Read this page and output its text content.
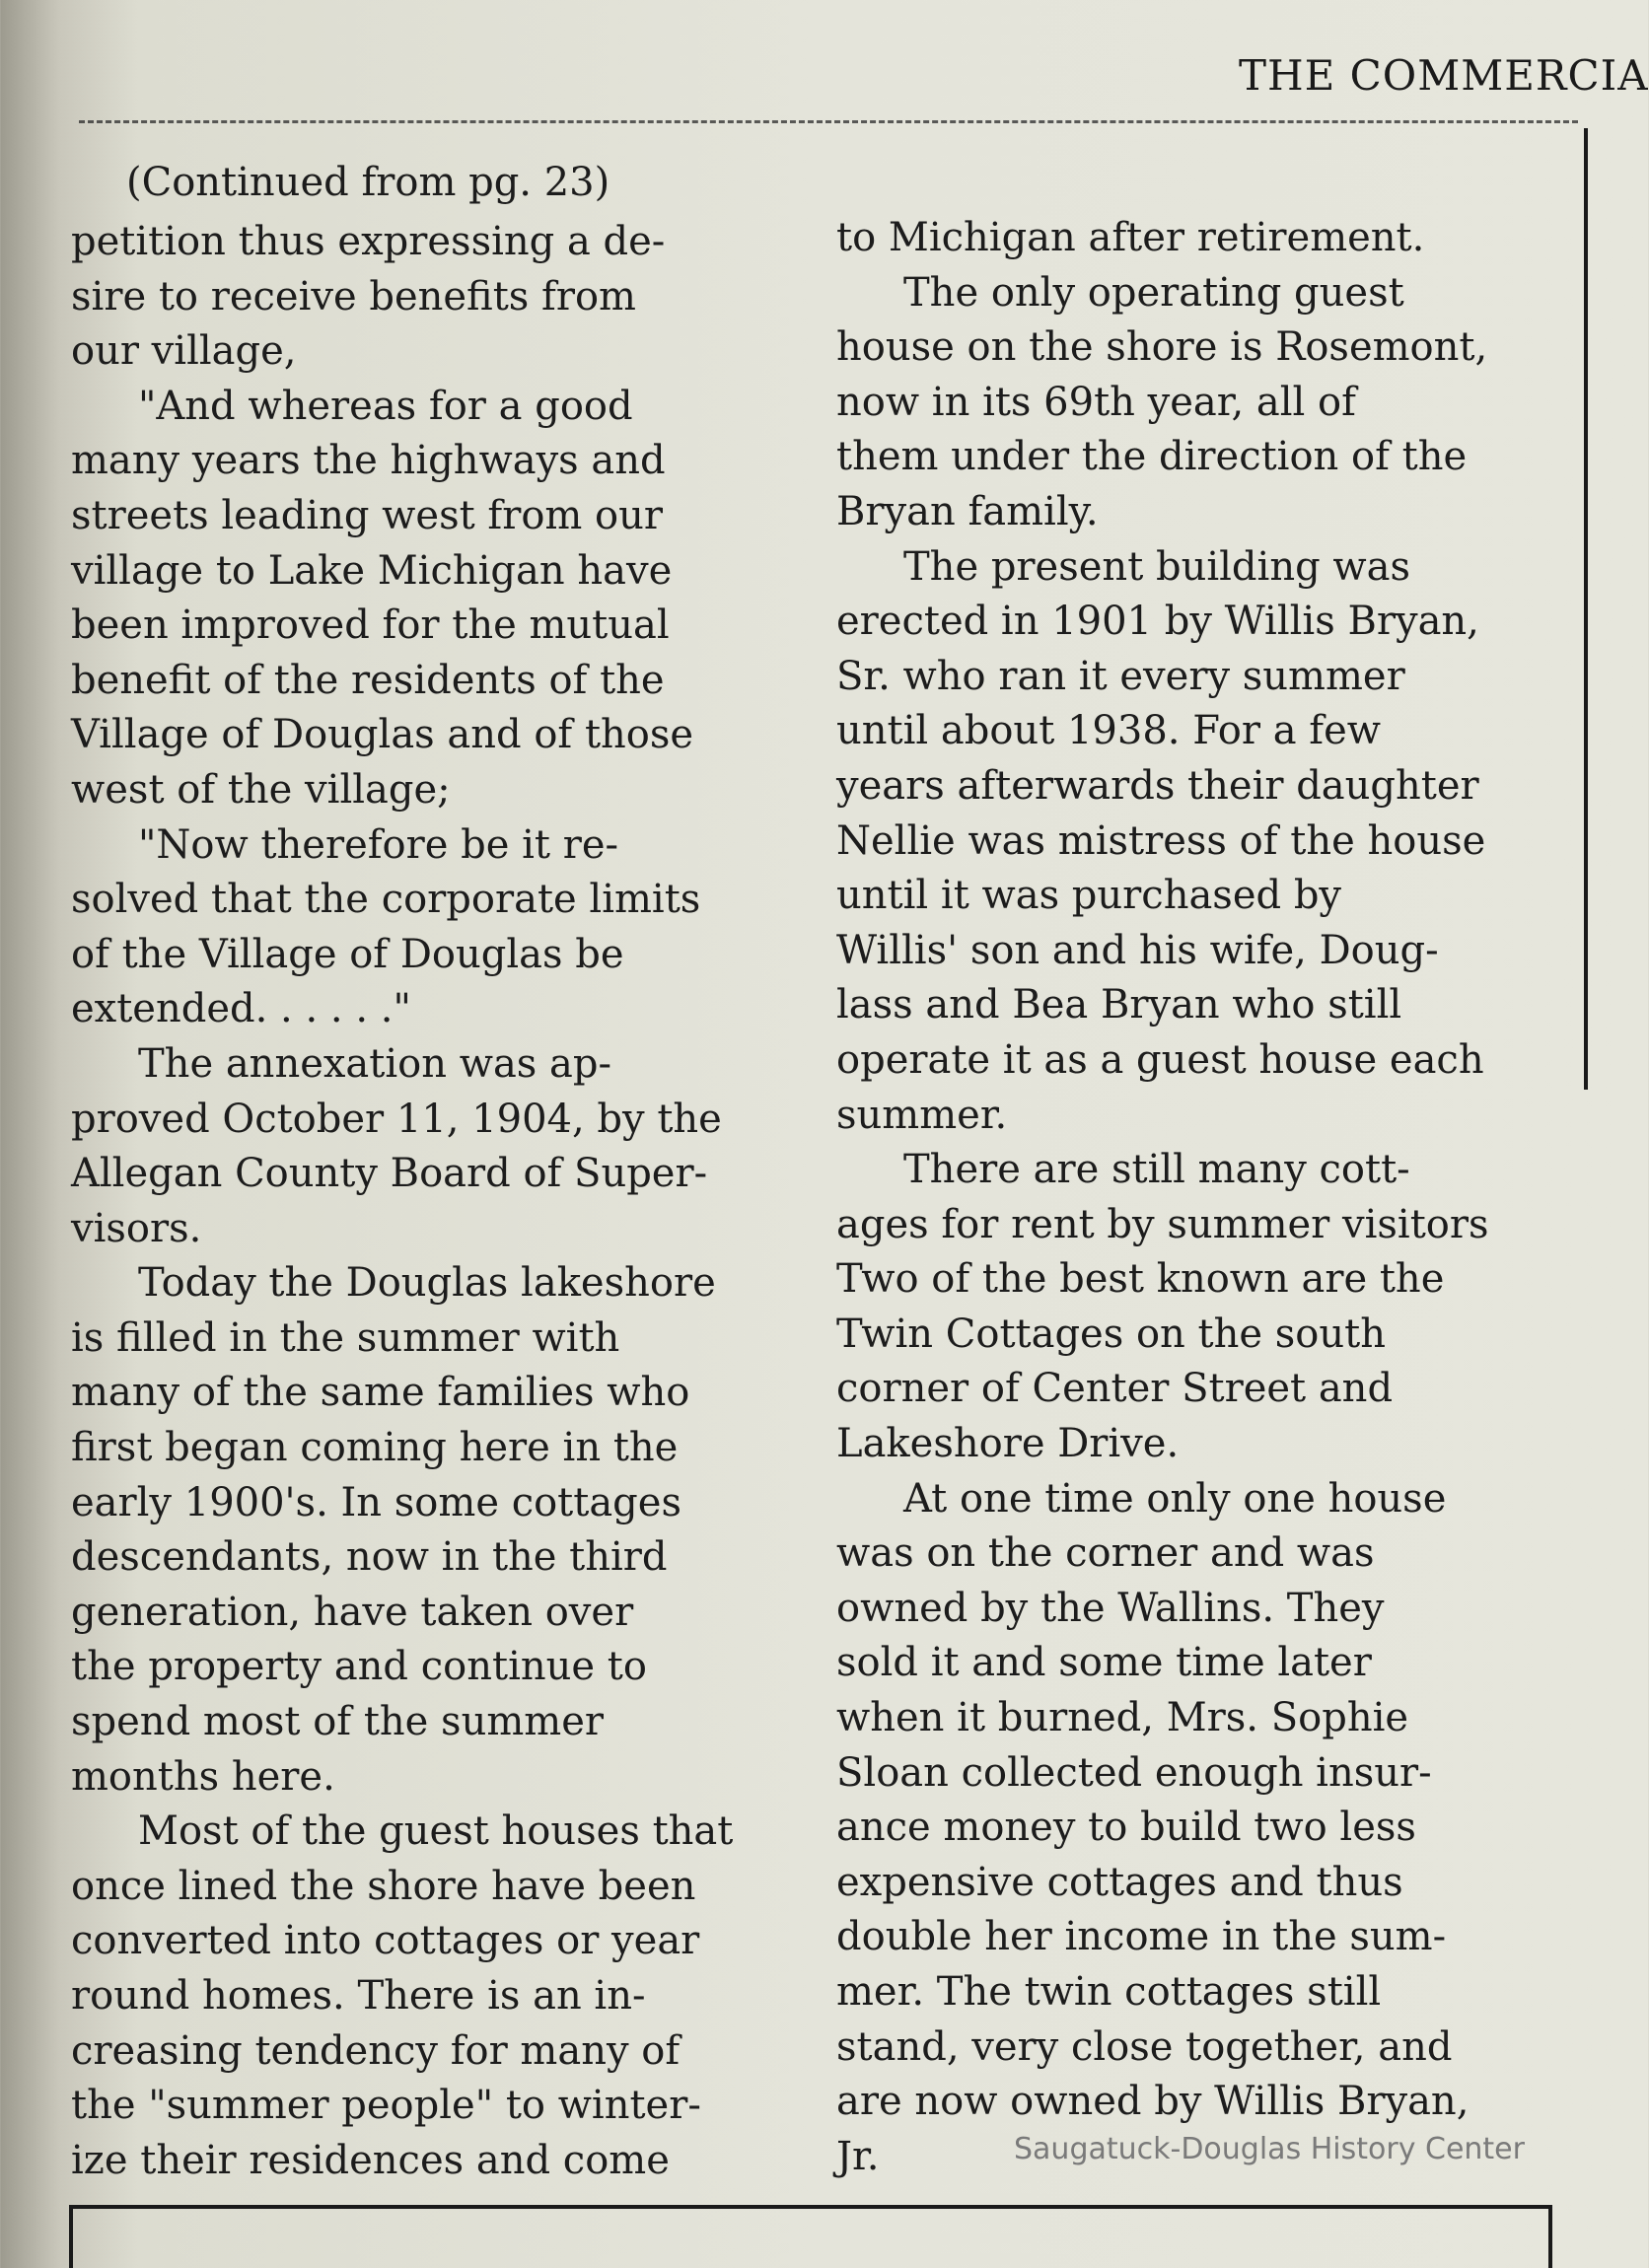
THE COMMERCIA
(Continued from pg. 23)
petition thus expressing a de-
sire to receive benefits from
our village,
"And whereas for a good
many years the highways and
streets leading west from our
village to Lake Michigan have
been improved for the mutual
benefit of the residents of the
Village of Douglas and of those
west of the village;
"Now therefore be it re-
solved that the corporate limits
of the Village of Douglas be
extended. . . . . ."
The annexation was ap-
proved October 11, 1904, by the
Allegan County Board of Super-
visors.
Today the Douglas lakeshore
is filled in the summer with
many of the same families who
first began coming here in the
early 1900's. In some cottages
descendants, now in the third
generation, have taken over
the property and continue to
spend most of the summer
months here.
Most of the guest houses that
once lined the shore have been
converted into cottages or year
round homes. There is an in-
creasing tendency for many of
the "summer people" to winter-
ize their residences and come
to Michigan after retirement.
The only operating guest
house on the shore is Rosemont,
now in its 69th year, all of
them under the direction of the
Bryan family.
The present building was
erected in 1901 by Willis Bryan,
Sr. who ran it every summer
until about 1938. For a few
years afterwards their daughter
Nellie was mistress of the house
until it was purchased by
Willis' son and his wife, Doug-
lass and Bea Bryan who still
operate it as a guest house each
summer.
There are still many cott-
ages for rent by summer visitors
Two of the best known are the
Twin Cottages on the south
corner of Center Street and
Lakeshore Drive.
At one time only one house
was on the corner and was
owned by the Wallins. They
sold it and some time later
when it burned, Mrs. Sophie
Sloan collected enough insur-
ance money to build two less
expensive cottages and thus
double her income in the sum-
mer. The twin cottages still
stand, very close together, and
are now owned by Willis Bryan,
Jr.	Saugatuck-Douglas History Center
